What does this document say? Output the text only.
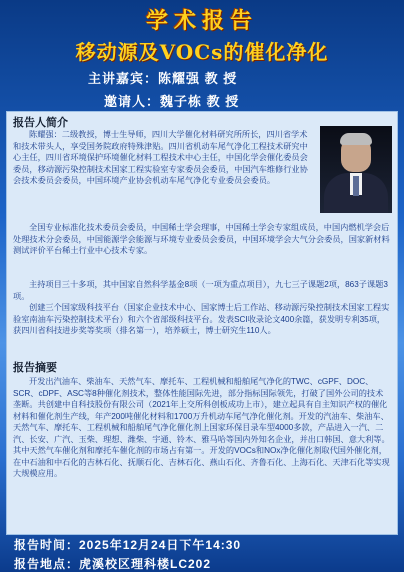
学术报告
移动源及VOCs的催化净化
主讲嘉宾：陈耀强 教 授
邀请人：魏子栋 教 授
报告人简介

陈耀强：二级教授，博士生导师，四川大学催化材料研究所所长，四川省学术和技术带头人，享受国务院政府特殊津贴。四川省机动车尾气净化工程技术研究中心主任，四川省环境保护环境催化材料工程技术中心主任，中国化学会催化委员会委员，移动源污染控制技术国家工程实验室专家委员会委员，中国汽车维修行业协会技术委员会委员，中国环境产业协会机动车尾气净化专业委员会委员。

全国专业标准化技术委员会委员，中国稀土学会理事，中国稀土学会专家组成员，中国内燃机学会后处理技术分会委员，中国能源学会能源与环境专业委员会委员，中国环境学会大气分会委员，国家新材料测试评价平台稀土行业中心技术专家。

主持项目三十多项，其中国家自然科学基金8项（一项为重点项目），九七三子课题2项，863子课题3项。

创建三个国家级科技平台（国家企业技术中心、国家博士后工作站、移动源污染控制技术国家工程实验室南油车污染控制技术平台）和六个省部级科技平台。发表SCI收录论文400余篇，获发明专利35项，获四川省科技进步奖等奖项（排名第一），培养硕士，博士研究生110人。

报告摘要

开发出汽油车、柴油车、天然气车、摩托车、工程机械和船舶尾气净化的TWC、cGPF、DOC、SCR、cDPF、ASC等8种催化剂技术，整体性能国际先进，部分指标国际领先，打破了国外公司的技术垄断。共创建中自科技股份有限公司（2021年上交所科创板成功上市），建立起具有自主知识产权的催化材料和催化剂生产线，年产200吨催化材料和1700万升机动车尾气净化催化剂。开发的汽油车、柴油车、天然气车、摩托车、工程机械和船舶尾气净化催化剂上国家环保目录车型4000多款，产品进入一汽、二汽、长安、广汽、玉柴、理想、潍柴、宇通、铃木、雅马哈等国内外知名企业，并出口韩国、意大利等。其中天然气车催化剂和摩托车催化剂的市场占有第一。开发的VOCs和NOx净化催化剂取代国外催化剂，在中石油和中石化的吉林石化、抚顺石化、吉林石化、燕山石化、齐鲁石化、上海石化、天津石化等实现大规模应用。

报告时间：2025年12月24日下午14:30
报告地点：虎溪校区理科楼LC202
